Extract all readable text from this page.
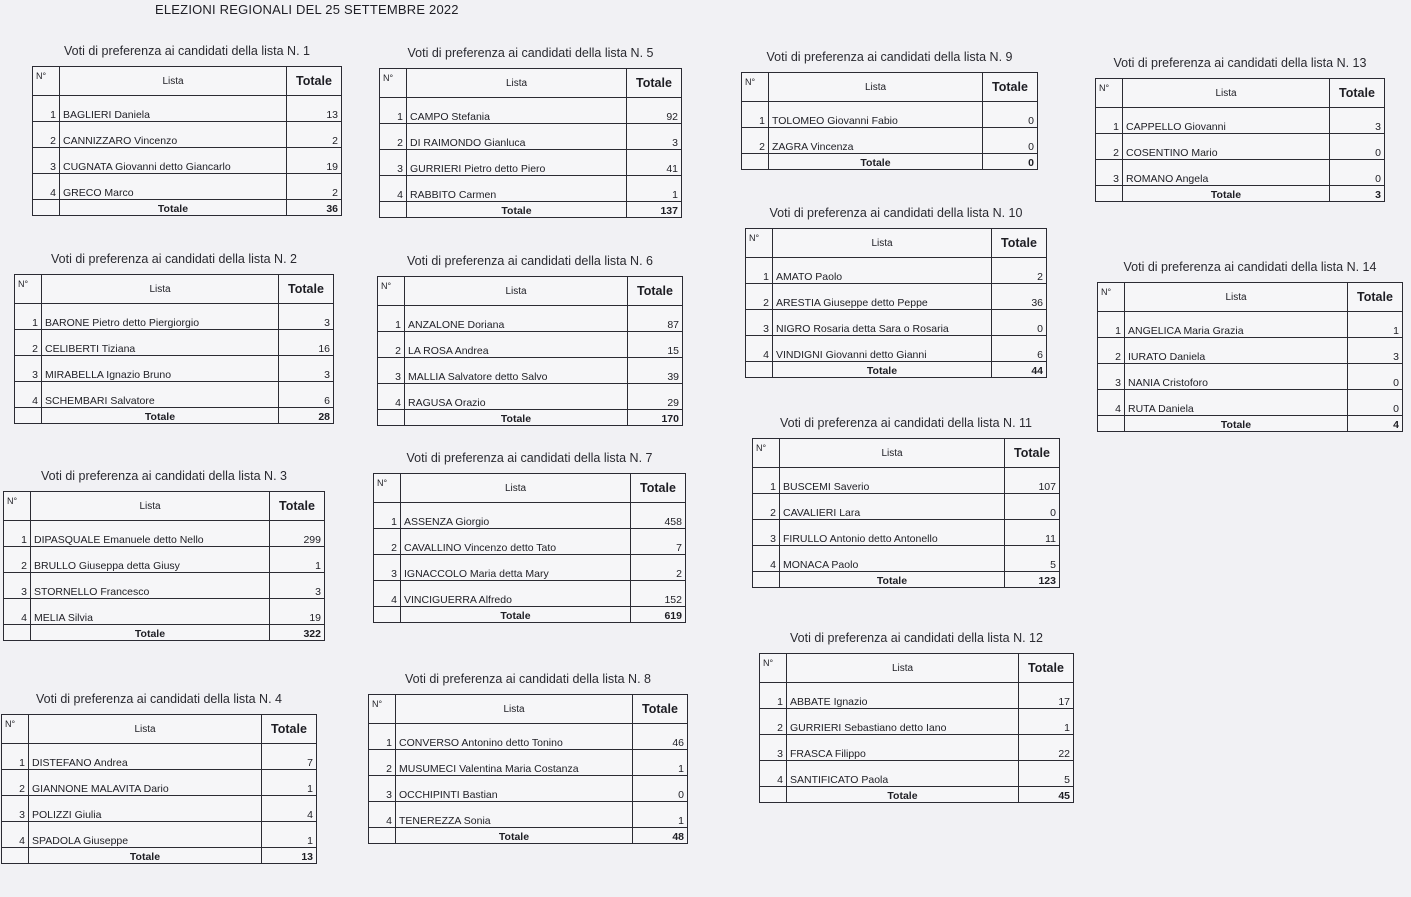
ELEZIONI REGIONALI DEL 25 SETTEMBRE 2022
Voti di preferenza ai candidati della lista N. 1
N°	Lista	Totale
1	BAGLIERI Daniela	13
2	CANNIZZARO Vincenzo	2
3	CUGNATA Giovanni detto Giancarlo	19
4	GRECO Marco	2
	Totale	36
Voti di preferenza ai candidati della lista N. 2
N°	Lista	Totale
1	BARONE Pietro detto Piergiorgio	3
2	CELIBERTI Tiziana	16
3	MIRABELLA Ignazio Bruno	3
4	SCHEMBARI Salvatore	6
	Totale	28
Voti di preferenza ai candidati della lista N. 3
N°	Lista	Totale
1	DIPASQUALE Emanuele detto Nello	299
2	BRULLO Giuseppa detta Giusy	1
3	STORNELLO Francesco	3
4	MELIA Silvia	19
	Totale	322
Voti di preferenza ai candidati della lista N. 4
N°	Lista	Totale
1	DISTEFANO Andrea	7
2	GIANNONE MALAVITA Dario	1
3	POLIZZI Giulia	4
4	SPADOLA Giuseppe	1
	Totale	13
Voti di preferenza ai candidati della lista N. 5
N°	Lista	Totale
1	CAMPO Stefania	92
2	DI RAIMONDO Gianluca	3
3	GURRIERI Pietro detto Piero	41
4	RABBITO Carmen	1
	Totale	137
Voti di preferenza ai candidati della lista N. 6
N°	Lista	Totale
1	ANZALONE Doriana	87
2	LA ROSA Andrea	15
3	MALLIA Salvatore detto Salvo	39
4	RAGUSA Orazio	29
	Totale	170
Voti di preferenza ai candidati della lista N. 7
N°	Lista	Totale
1	ASSENZA Giorgio	458
2	CAVALLINO Vincenzo detto Tato	7
3	IGNACCOLO Maria detta Mary	2
4	VINCIGUERRA Alfredo	152
	Totale	619
Voti di preferenza ai candidati della lista N. 8
N°	Lista	Totale
1	CONVERSO Antonino detto Tonino	46
2	MUSUMECI Valentina Maria Costanza	1
3	OCCHIPINTI Bastian	0
4	TENEREZZA Sonia	1
	Totale	48
Voti di preferenza ai candidati della lista N. 9
N°	Lista	Totale
1	TOLOMEO Giovanni Fabio	0
2	ZAGRA Vincenza	0
	Totale	0
Voti di preferenza ai candidati della lista N. 10
N°	Lista	Totale
1	AMATO Paolo	2
2	ARESTIA Giuseppe detto Peppe	36
3	NIGRO Rosaria detta Sara o Rosaria	0
4	VINDIGNI Giovanni detto Gianni	6
	Totale	44
Voti di preferenza ai candidati della lista N. 11
N°	Lista	Totale
1	BUSCEMI Saverio	107
2	CAVALIERI Lara	0
3	FIRULLO Antonio detto Antonello	11
4	MONACA Paolo	5
	Totale	123
Voti di preferenza ai candidati della lista N. 12
N°	Lista	Totale
1	ABBATE Ignazio	17
2	GURRIERI Sebastiano detto Iano	1
3	FRASCA Filippo	22
4	SANTIFICATO Paola	5
	Totale	45
Voti di preferenza ai candidati della lista N. 13
N°	Lista	Totale
1	CAPPELLO Giovanni	3
2	COSENTINO Mario	0
3	ROMANO Angela	0
	Totale	3
Voti di preferenza ai candidati della lista N. 14
N°	Lista	Totale
1	ANGELICA Maria Grazia	1
2	IURATO Daniela	3
3	NANIA Cristoforo	0
4	RUTA Daniela	0
	Totale	4
